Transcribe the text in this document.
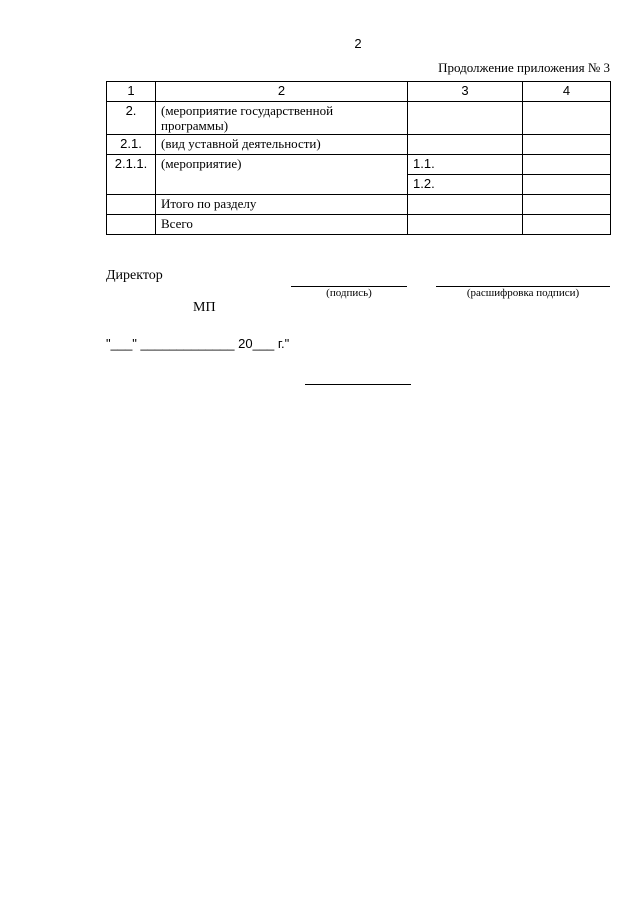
2
Продолжение приложения № 3
1	2	3	4
2.	(мероприятие государственной программы)		
2.1.	(вид уставной деятельности)		
2.1.1.	(мероприятие)	1.1.	
		1.2.	
	Итого по разделу		
	Всего		
Директор
(подпись)	(расшифровка подписи)
МП
"___" _____________ 20___ г."
